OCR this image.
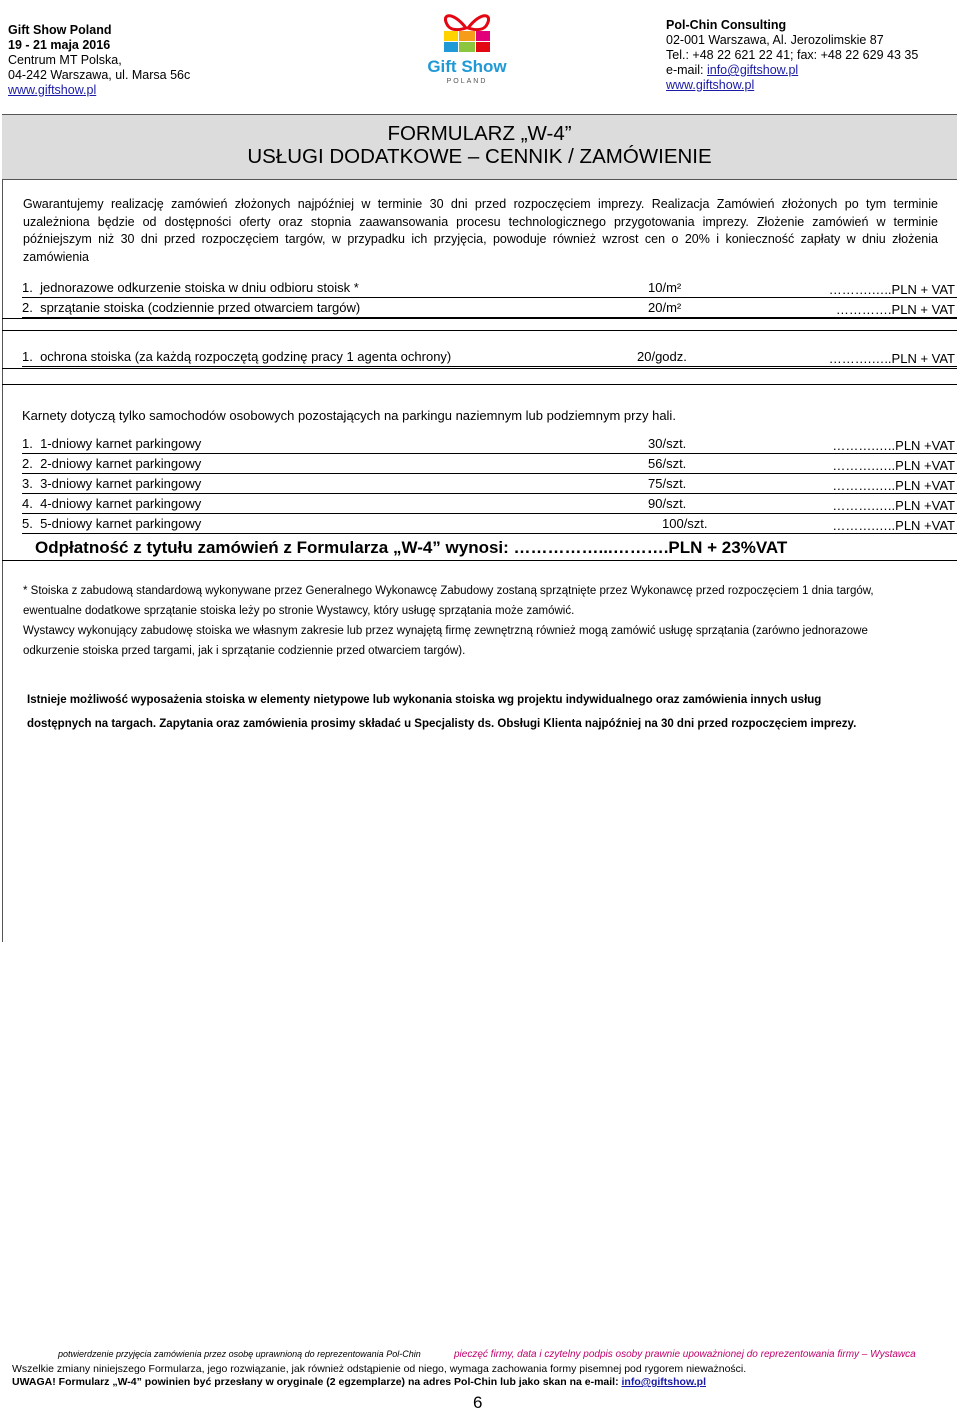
Gift Show Poland
19 - 21 maja 2016
Centrum MT Polska,
04-242 Warszawa, ul. Marsa 56c
www.giftshow.pl
Gift Show
POLAND
Pol-Chin Consulting
02-001 Warszawa, Al. Jerozolimskie 87
Tel.: +48 22 621 22 41; fax: +48 22 629 43 35
e-mail: info@giftshow.pl
www.giftshow.pl
FORMULARZ „W-4”
USŁUGI DODATKOWE – CENNIK / ZAMÓWIENIE
Gwarantujemy realizację zamówień złożonych najpóźniej w terminie 30 dni przed rozpoczęciem imprezy. Realizacja Zamówień złożonych po tym terminie uzależniona będzie od dostępności oferty oraz stopnia zaawansowania procesu technologicznego przygotowania imprezy. Złożenie zamówień w terminie późniejszym niż 30 dni przed rozpoczęciem targów, w przypadku ich przyjęcia, powoduje również wzrost cen o 20% i konieczność zapłaty w dniu złożenia zamówienia
1. jednorazowe odkurzenie stoiska w dniu odbioru stoisk *	10/m²	……….…..PLN + VAT
2. sprzątanie stoiska (codziennie przed otwarciem targów)	20/m²	………….PLN + VAT
1. ochrona stoiska (za każdą rozpoczętą godzinę pracy 1 agenta ochrony)	20/godz.	……….…..PLN + VAT
Karnety dotyczą tylko samochodów osobowych pozostających na parkingu naziemnym lub podziemnym przy hali.
1. 1-dniowy karnet parkingowy	30/szt.	……….…..PLN +VAT
2. 2-dniowy karnet parkingowy	56/szt.	……….…..PLN +VAT
3. 3-dniowy karnet parkingowy	75/szt.	……….…..PLN +VAT
4. 4-dniowy karnet parkingowy	90/szt.	……….…..PLN +VAT
5. 5-dniowy karnet parkingowy	100/szt.	……….…..PLN +VAT
Odpłatność z tytułu zamówień z Formularza „W-4” wynosi: ……………...……….PLN + 23%VAT

* Stoiska z zabudową standardową wykonywane przez Generalnego Wykonawcę Zabudowy zostaną sprzątnięte przez Wykonawcę przed rozpoczęciem 1 dnia targów,

ewentualne dodatkowe sprzątanie stoiska leży po stronie Wystawcy, który usługę sprzątania może zamówić.

Wystawcy wykonujący zabudowę stoiska we własnym zakresie lub przez wynajętą firmę zewnętrzną również mogą zamówić usługę sprzątania (zarówno jednorazowe

odkurzenie stoiska przed targami, jak i sprzątanie codziennie przed otwarciem targów).

Istnieje możliwość wyposażenia stoiska w elementy nietypowe lub wykonania stoiska wg projektu indywidualnego oraz zamówienia innych usług

dostępnych na targach. Zapytania oraz zamówienia prosimy składać u Specjalisty ds. Obsługi Klienta najpóźniej na 30 dni przed rozpoczęciem imprezy.

potwierdzenie przyjęcia zamówienia przez osobę uprawnioną do reprezentowania Pol-Chin	pieczęć firmy, data i czytelny podpis osoby prawnie upoważnionej do reprezentowania firmy – Wystawca
Wszelkie zmiany niniejszego Formularza, jego rozwiązanie, jak również odstąpienie od niego, wymaga zachowania formy pisemnej pod rygorem nieważności.
UWAGA! Formularz „W-4” powinien być przesłany w oryginale (2 egzemplarze) na adres Pol-Chin lub jako skan na e-mail: info@giftshow.pl
6
